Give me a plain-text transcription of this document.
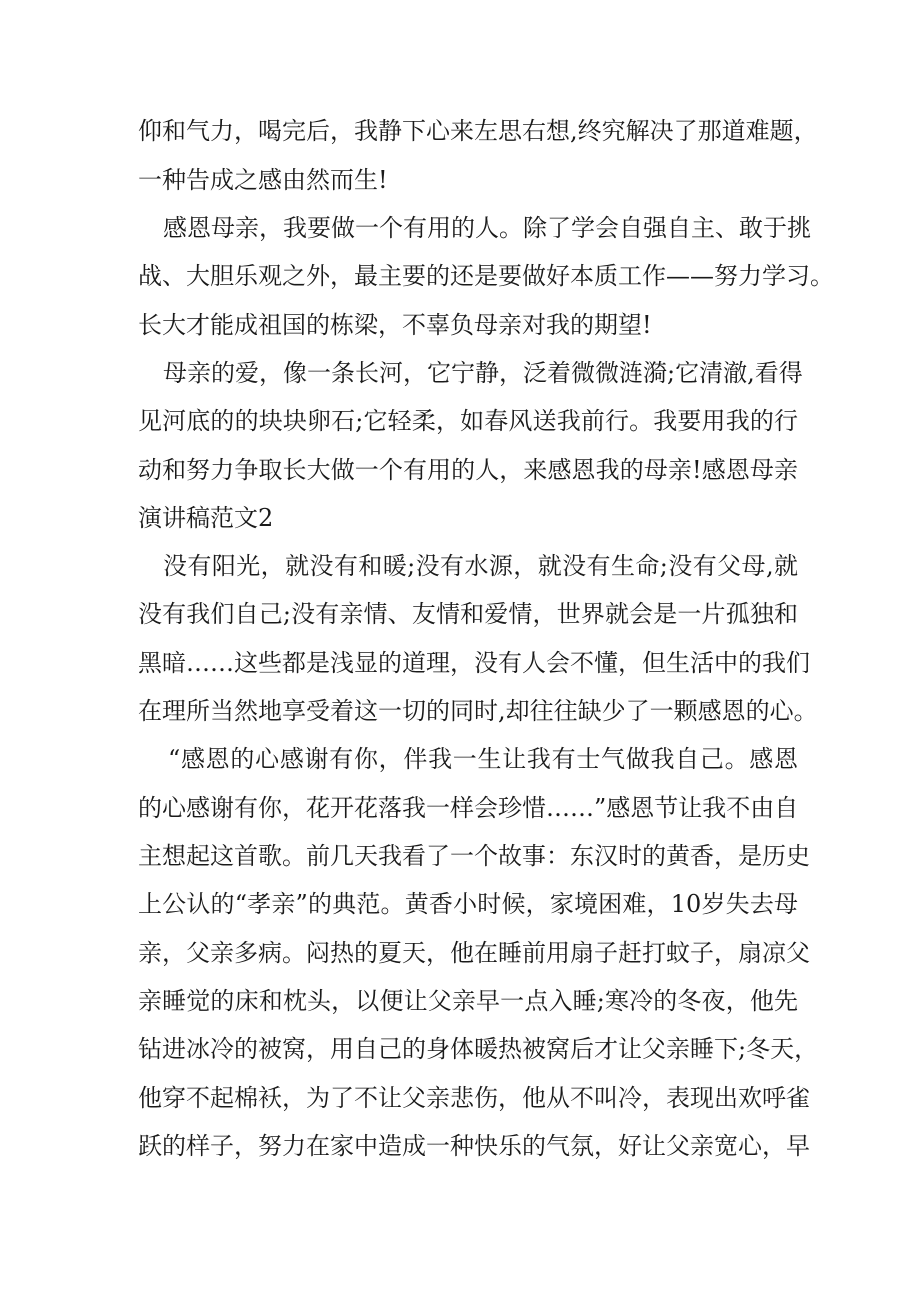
仰和气力，喝完后，我静下心来左思右想,终究解决了那道难题，
一种告成之感由然而生!
感恩母亲，我要做一个有用的人。除了学会自强自主、敢于挑
战、大胆乐观之外，最主要的还是要做好本质工作——努力学习。
长大才能成祖国的栋梁，不辜负母亲对我的期望!
母亲的爱，像一条长河，它宁静，泛着微微涟漪;它清澈,看得
见河底的的块块卵石;它轻柔，如春风送我前行。我要用我的行
动和努力争取长大做一个有用的人，来感恩我的母亲!感恩母亲
演讲稿范文2
没有阳光，就没有和暖;没有水源，就没有生命;没有父母,就
没有我们自己;没有亲情、友情和爱情，世界就会是一片孤独和
黑暗……这些都是浅显的道理，没有人会不懂，但生活中的我们
在理所当然地享受着这一切的同时,却往往缺少了一颗感恩的心。
“感恩的心感谢有你，伴我一生让我有士气做我自己。感恩
的心感谢有你，花开花落我一样会珍惜……”感恩节让我不由自
主想起这首歌。前几天我看了一个故事：东汉时的黄香，是历史
上公认的“孝亲”的典范。黄香小时候，家境困难，10岁失去母
亲，父亲多病。闷热的夏天，他在睡前用扇子赶打蚊子，扇凉父
亲睡觉的床和枕头，以便让父亲早一点入睡;寒冷的冬夜，他先
钻进冰冷的被窝，用自己的身体暖热被窝后才让父亲睡下;冬天，
他穿不起棉袄，为了不让父亲悲伤，他从不叫冷，表现出欢呼雀
跃的样子，努力在家中造成一种快乐的气氛，好让父亲宽心，早
